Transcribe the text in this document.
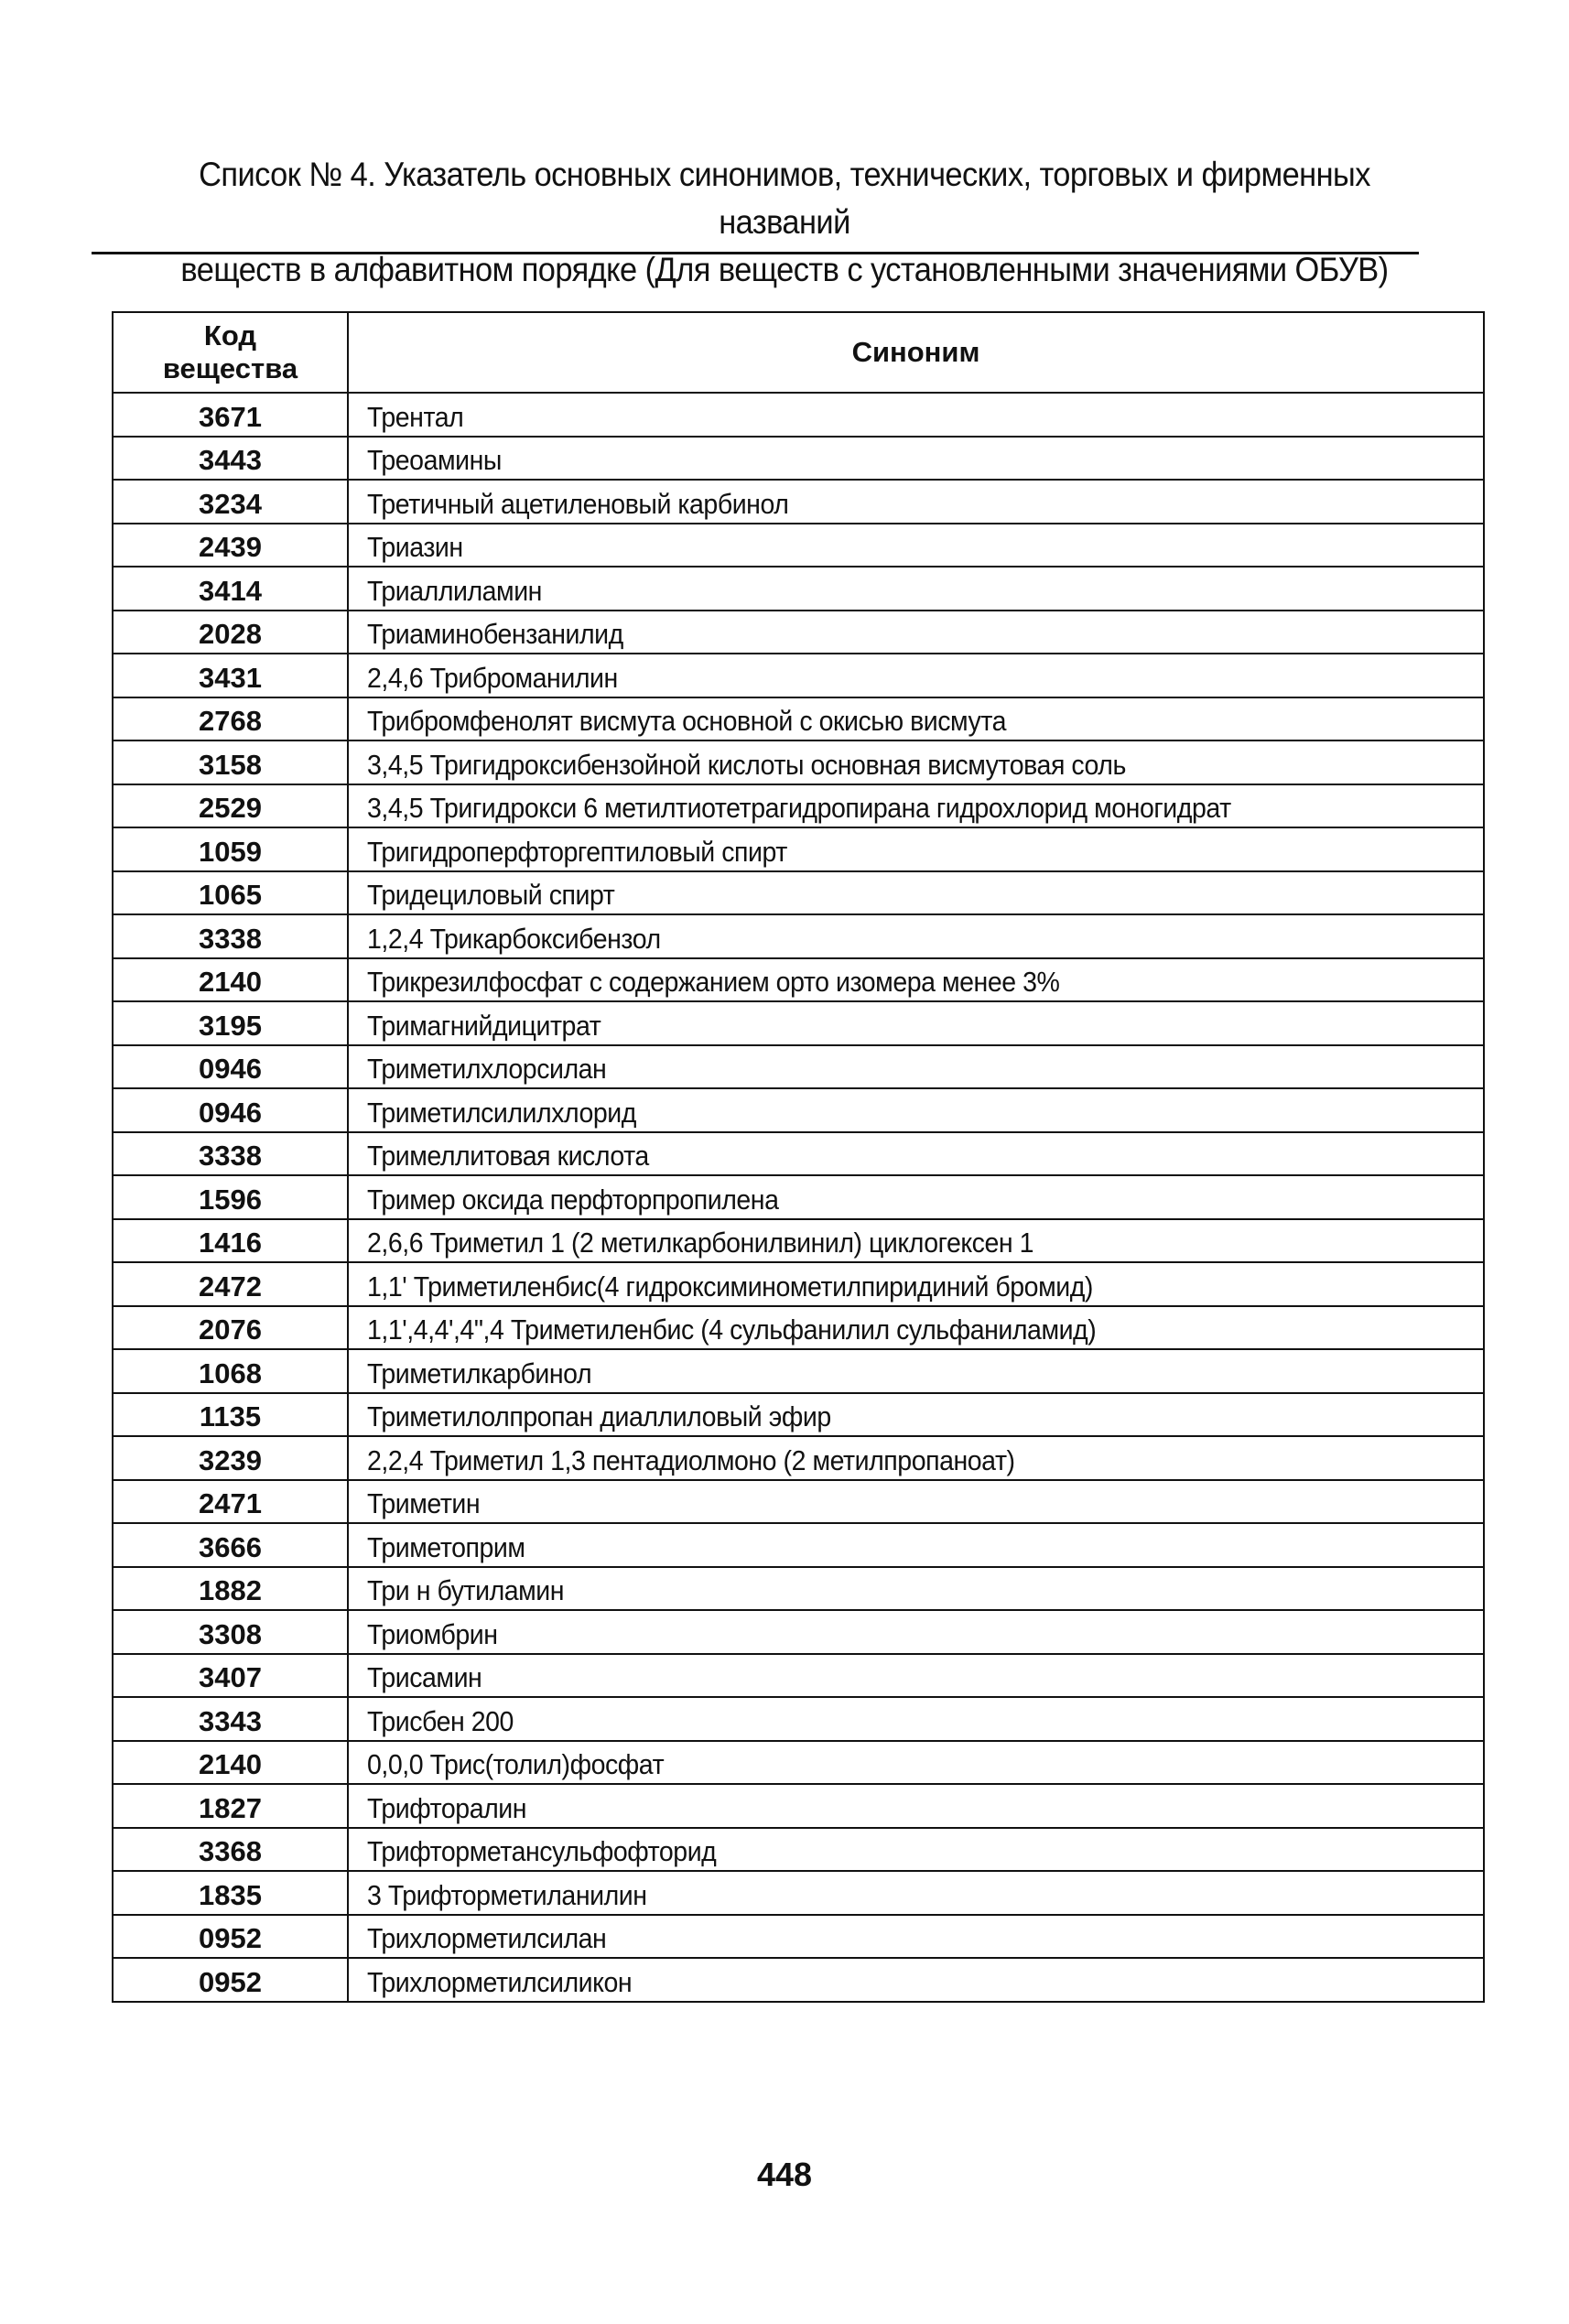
Список № 4. Указатель основных синонимов, технических, торговых и фирменных названий
веществ в алфавитном порядке (Для веществ с установленными значениями ОБУВ)
Код
вещества	Синоним
3671	Трентал
3443	Треоамины
3234	Третичный ацетиленовый карбинол
2439	Триазин
3414	Триаллиламин
2028	Триаминобензанилид
3431	2,4,6 Триброманилин
2768	Трибромфенолят висмута основной с окисью висмута
3158	3,4,5 Тригидроксибензойной кислоты основная висмутовая соль
2529	3,4,5 Тригидрокси 6 метилтиотетрагидропирана гидрохлорид моногидрат
1059	Тригидроперфторгептиловый спирт
1065	Тридециловый спирт
3338	1,2,4 Трикарбоксибензол
2140	Трикрезилфосфат с содержанием орто изомера менее 3%
3195	Тримагнийдицитрат
0946	Триметилхлорсилан
0946	Триметилсилилхлорид
3338	Тримеллитовая кислота
1596	Тример оксида перфторпропилена
1416	2,6,6 Триметил 1 (2 метилкарбонилвинил) циклогексен 1
2472	1,1' Триметиленбис(4 гидроксиминометилпиридиний бромид)
2076	1,1',4,4',4",4 Триметиленбис (4 сульфанилил сульфаниламид)
1068	Триметилкарбинол
1135	Триметилолпропан диаллиловый эфир
3239	2,2,4 Триметил 1,3 пентадиолмоно (2 метилпропаноат)
2471	Триметин
3666	Триметоприм
1882	Три н бутиламин
3308	Триомбрин
3407	Трисамин
3343	Трисбен 200
2140	0,0,0 Трис(толил)фосфат
1827	Трифторалин
3368	Трифторметансульфофторид
1835	3 Трифторметиланилин
0952	Трихлорметилсилан
0952	Трихлорметилсиликон
448
